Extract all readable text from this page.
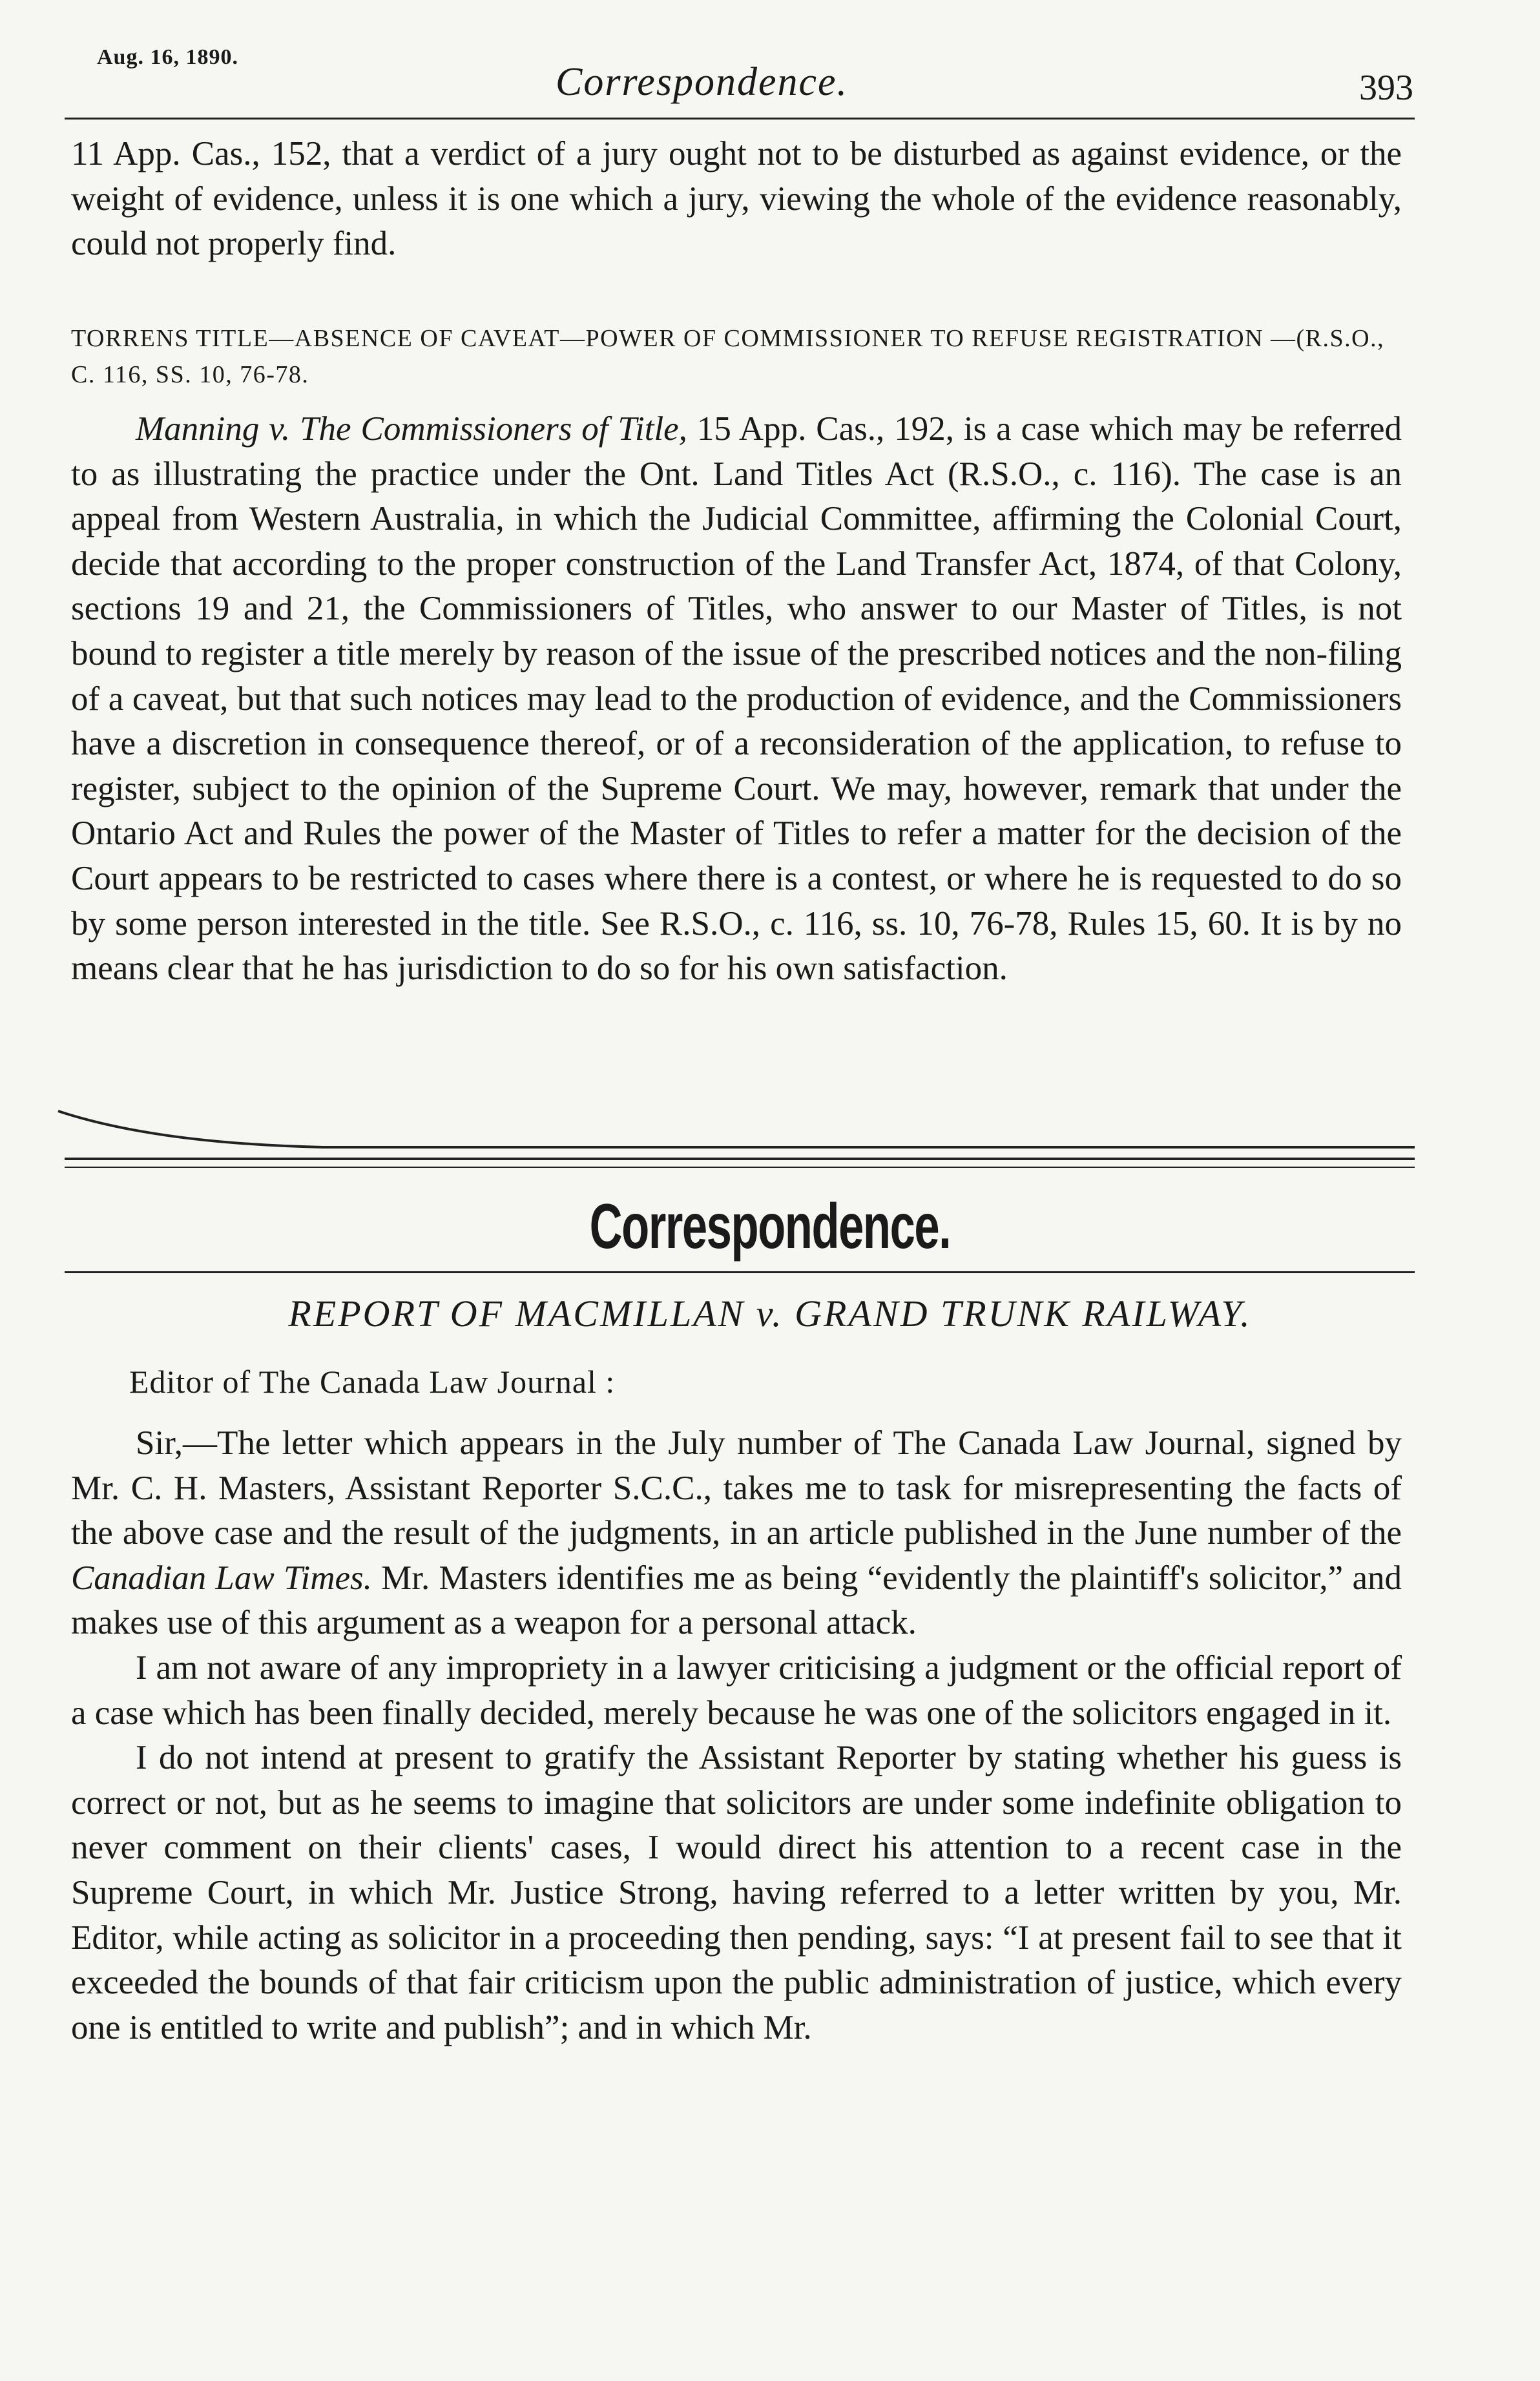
Aug. 16, 1890.
Correspondence.	393

11 App. Cas., 152, that a verdict of a jury ought not to be disturbed as against evidence, or the weight of evidence, unless it is one which a jury, viewing the whole of the evidence reasonably, could not properly find.

TORRENS TITLE—ABSENCE OF CAVEAT—POWER OF COMMISSIONER TO REFUSE REGISTRATION —(R.S.O., C. 116, SS. 10, 76-78.

Manning v. The Commissioners of Title, 15 App. Cas., 192, is a case which may be referred to as illustrating the practice under the Ont. Land Titles Act (R.S.O., c. 116). The case is an appeal from Western Australia, in which the Judicial Committee, affirming the Colonial Court, decide that according to the proper construction of the Land Transfer Act, 1874, of that Colony, sections 19 and 21, the Commissioners of Titles, who answer to our Master of Titles, is not bound to register a title merely by reason of the issue of the prescribed notices and the non-filing of a caveat, but that such notices may lead to the production of evidence, and the Commissioners have a discretion in consequence thereof, or of a reconsideration of the application, to refuse to register, subject to the opinion of the Supreme Court. We may, however, remark that under the Ontario Act and Rules the power of the Master of Titles to refer a matter for the decision of the Court appears to be restricted to cases where there is a contest, or where he is requested to do so by some person interested in the title. See R.S.O., c. 116, ss. 10, 76-78, Rules 15, 60. It is by no means clear that he has jurisdiction to do so for his own satisfaction.

Correspondence.
REPORT OF MACMILLAN v. GRAND TRUNK RAILWAY.
Editor of The Canada Law Journal :

Sir,—The letter which appears in the July number of The Canada Law Journal, signed by Mr. C. H. Masters, Assistant Reporter S.C.C., takes me to task for misrepresenting the facts of the above case and the result of the judgments, in an article published in the June number of the Canadian Law Times. Mr. Masters identifies me as being “evidently the plaintiff's solicitor,” and makes use of this argument as a weapon for a personal attack.

I am not aware of any impropriety in a lawyer criticising a judgment or the official report of a case which has been finally decided, merely because he was one of the solicitors engaged in it.

I do not intend at present to gratify the Assistant Reporter by stating whether his guess is correct or not, but as he seems to imagine that solicitors are under some indefinite obligation to never comment on their clients' cases, I would direct his attention to a recent case in the Supreme Court, in which Mr. Justice Strong, having referred to a letter written by you, Mr. Editor, while acting as solicitor in a proceeding then pending, says: “I at present fail to see that it exceeded the bounds of that fair criticism upon the public administration of justice, which every one is entitled to write and publish”; and in which Mr.
